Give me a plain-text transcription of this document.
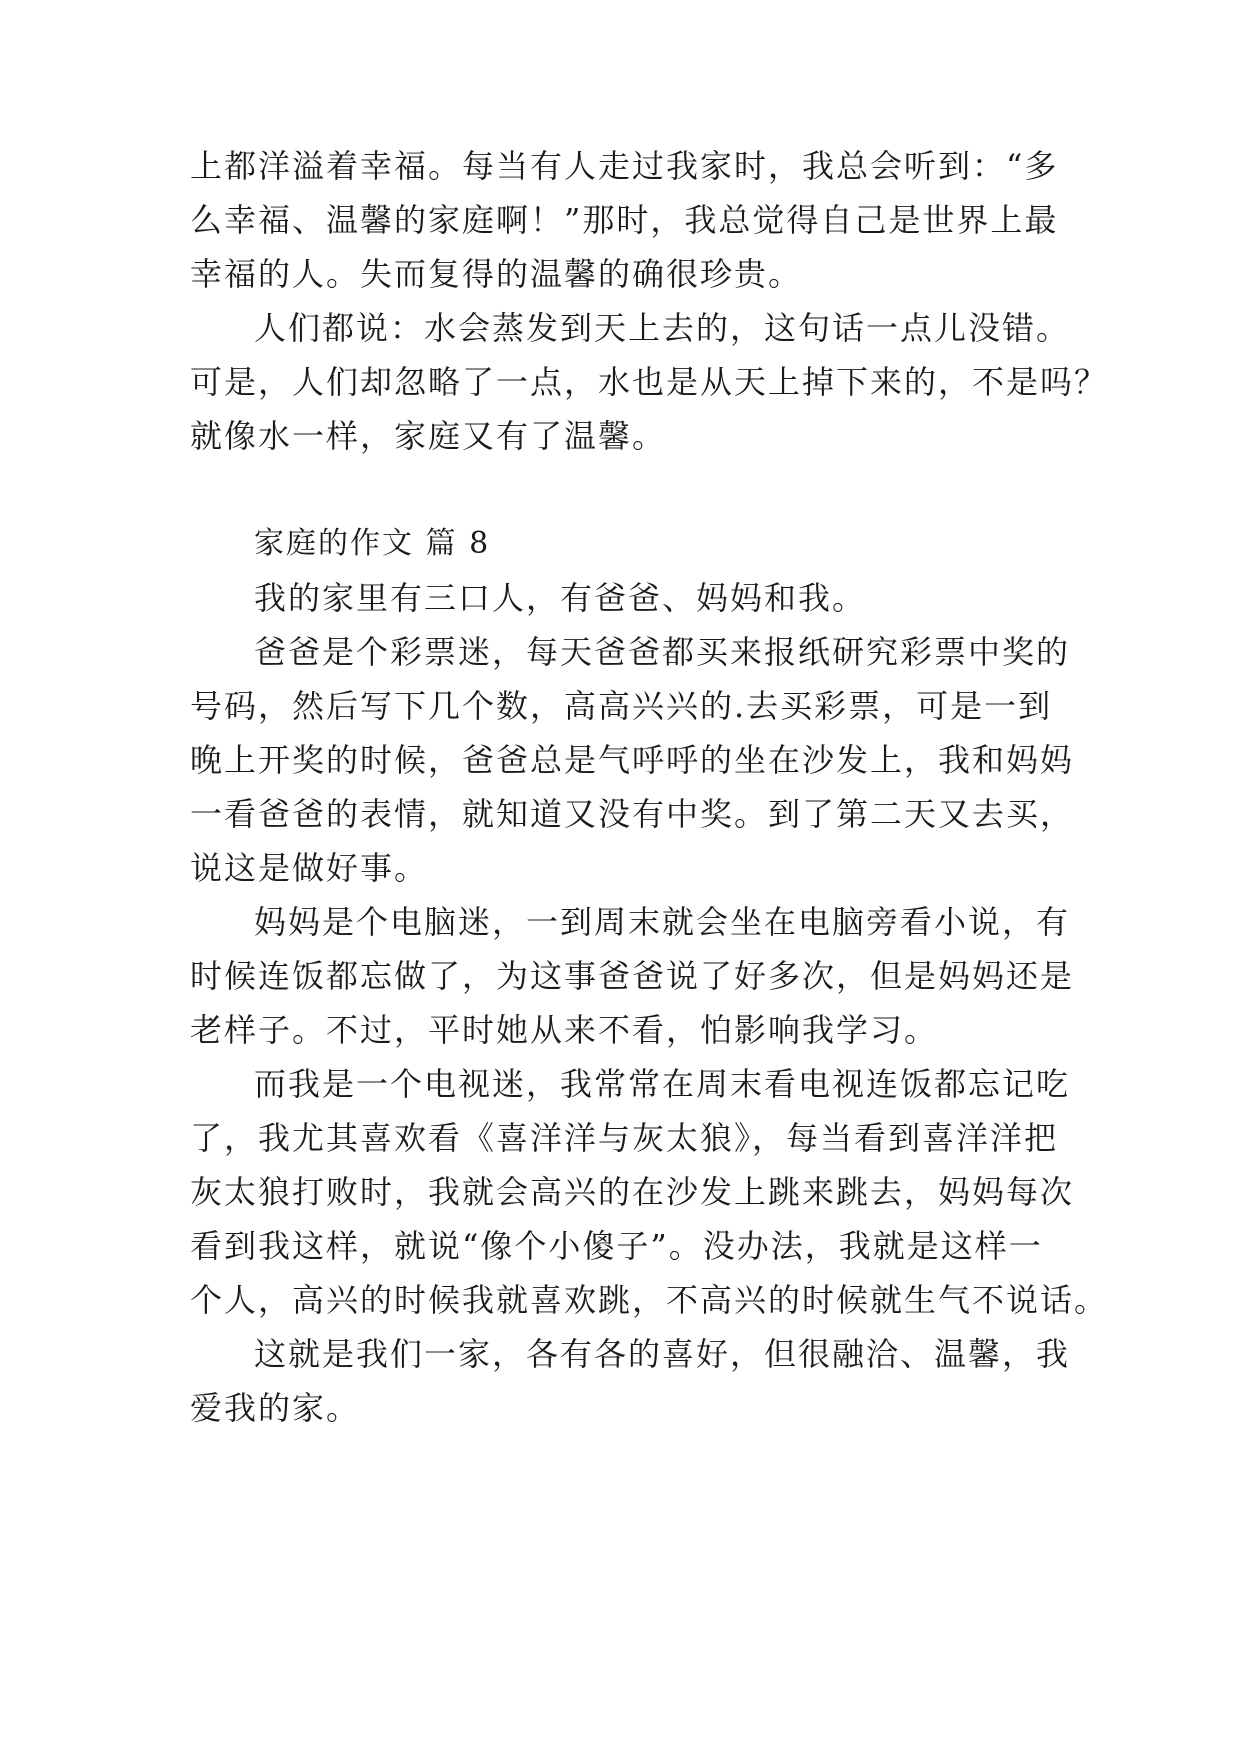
上都洋溢着幸福。每当有人走过我家时，我总会听到：“多
么幸福、温馨的家庭啊！”那时，我总觉得自己是世界上最
幸福的人。失而复得的温馨的确很珍贵。
人们都说：水会蒸发到天上去的，这句话一点儿没错。
可是，人们却忽略了一点，水也是从天上掉下来的，不是吗？
就像水一样，家庭又有了温馨。
家庭的作文 篇 8
我的家里有三口人，有爸爸、妈妈和我。
爸爸是个彩票迷，每天爸爸都买来报纸研究彩票中奖的
号码，然后写下几个数，高高兴兴的.去买彩票，可是一到
晚上开奖的时候，爸爸总是气呼呼的坐在沙发上，我和妈妈
一看爸爸的表情，就知道又没有中奖。到了第二天又去买，
说这是做好事。
妈妈是个电脑迷，一到周末就会坐在电脑旁看小说，有
时候连饭都忘做了，为这事爸爸说了好多次，但是妈妈还是
老样子。不过，平时她从来不看，怕影响我学习。
而我是一个电视迷，我常常在周末看电视连饭都忘记吃
了，我尤其喜欢看《喜洋洋与灰太狼》，每当看到喜洋洋把
灰太狼打败时，我就会高兴的在沙发上跳来跳去，妈妈每次
看到我这样，就说“像个小傻子”。没办法，我就是这样一
个人，高兴的时候我就喜欢跳，不高兴的时候就生气不说话。
这就是我们一家，各有各的喜好，但很融洽、温馨，我
爱我的家。
